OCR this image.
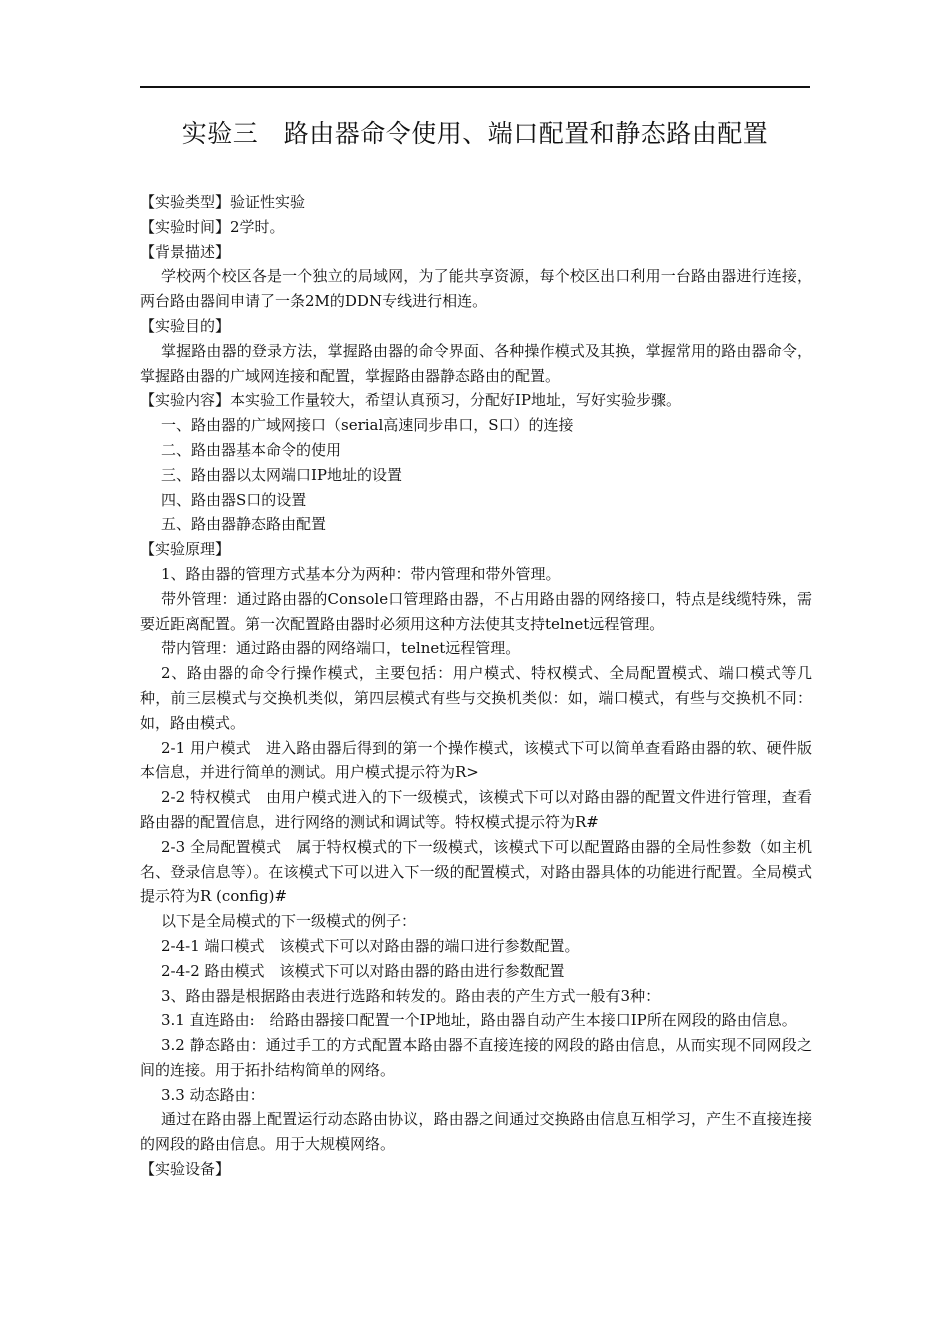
实验三　路由器命令使用、端口配置和静态路由配置

【实验类型】验证性实验

【实验时间】2学时。

【背景描述】

学校两个校区各是一个独立的局域网，为了能共享资源，每个校区出口利用一台路由器进行连接，两台路由器间申请了一条2M的DDN专线进行相连。

【实验目的】

掌握路由器的登录方法，掌握路由器的命令界面、各种操作模式及其换，掌握常用的路由器命令，掌握路由器的广域网连接和配置，掌握路由器静态路由的配置。

【实验内容】本实验工作量较大，希望认真预习，分配好IP地址，写好实验步骤。

一、路由器的广域网接口（serial高速同步串口，S口）的连接

二、路由器基本命令的使用

三、路由器以太网端口IP地址的设置

四、路由器S口的设置

五、路由器静态路由配置

【实验原理】

1、路由器的管理方式基本分为两种：带内管理和带外管理。

带外管理：通过路由器的Console口管理路由器，不占用路由器的网络接口，特点是线缆特殊，需要近距离配置。第一次配置路由器时必须用这种方法使其支持telnet远程管理。

带内管理：通过路由器的网络端口，telnet远程管理。

2、路由器的命令行操作模式，主要包括：用户模式、特权模式、全局配置模式、端口模式等几种，前三层模式与交换机类似，第四层模式有些与交换机类似：如，端口模式，有些与交换机不同：如，路由模式。

2-1 用户模式　进入路由器后得到的第一个操作模式，该模式下可以简单查看路由器的软、硬件版本信息，并进行简单的测试。用户模式提示符为R>

2-2 特权模式　由用户模式进入的下一级模式，该模式下可以对路由器的配置文件进行管理，查看路由器的配置信息，进行网络的测试和调试等。特权模式提示符为R#

2-3 全局配置模式　属于特权模式的下一级模式，该模式下可以配置路由器的全局性参数（如主机名、登录信息等）。在该模式下可以进入下一级的配置模式，对路由器具体的功能进行配置。全局模式提示符为R (config)#

以下是全局模式的下一级模式的例子：

2-4-1 端口模式　该模式下可以对路由器的端口进行参数配置。

2-4-2 路由模式　该模式下可以对路由器的路由进行参数配置

3、路由器是根据路由表进行选路和转发的。路由表的产生方式一般有3种：

3.1 直连路由:　给路由器接口配置一个IP地址，路由器自动产生本接口IP所在网段的路由信息。

3.2 静态路由：通过手工的方式配置本路由器不直接连接的网段的路由信息，从而实现不同网段之间的连接。用于拓扑结构简单的网络。

3.3 动态路由：

通过在路由器上配置运行动态路由协议，路由器之间通过交换路由信息互相学习，产生不直接连接的网段的路由信息。用于大规模网络。

【实验设备】
